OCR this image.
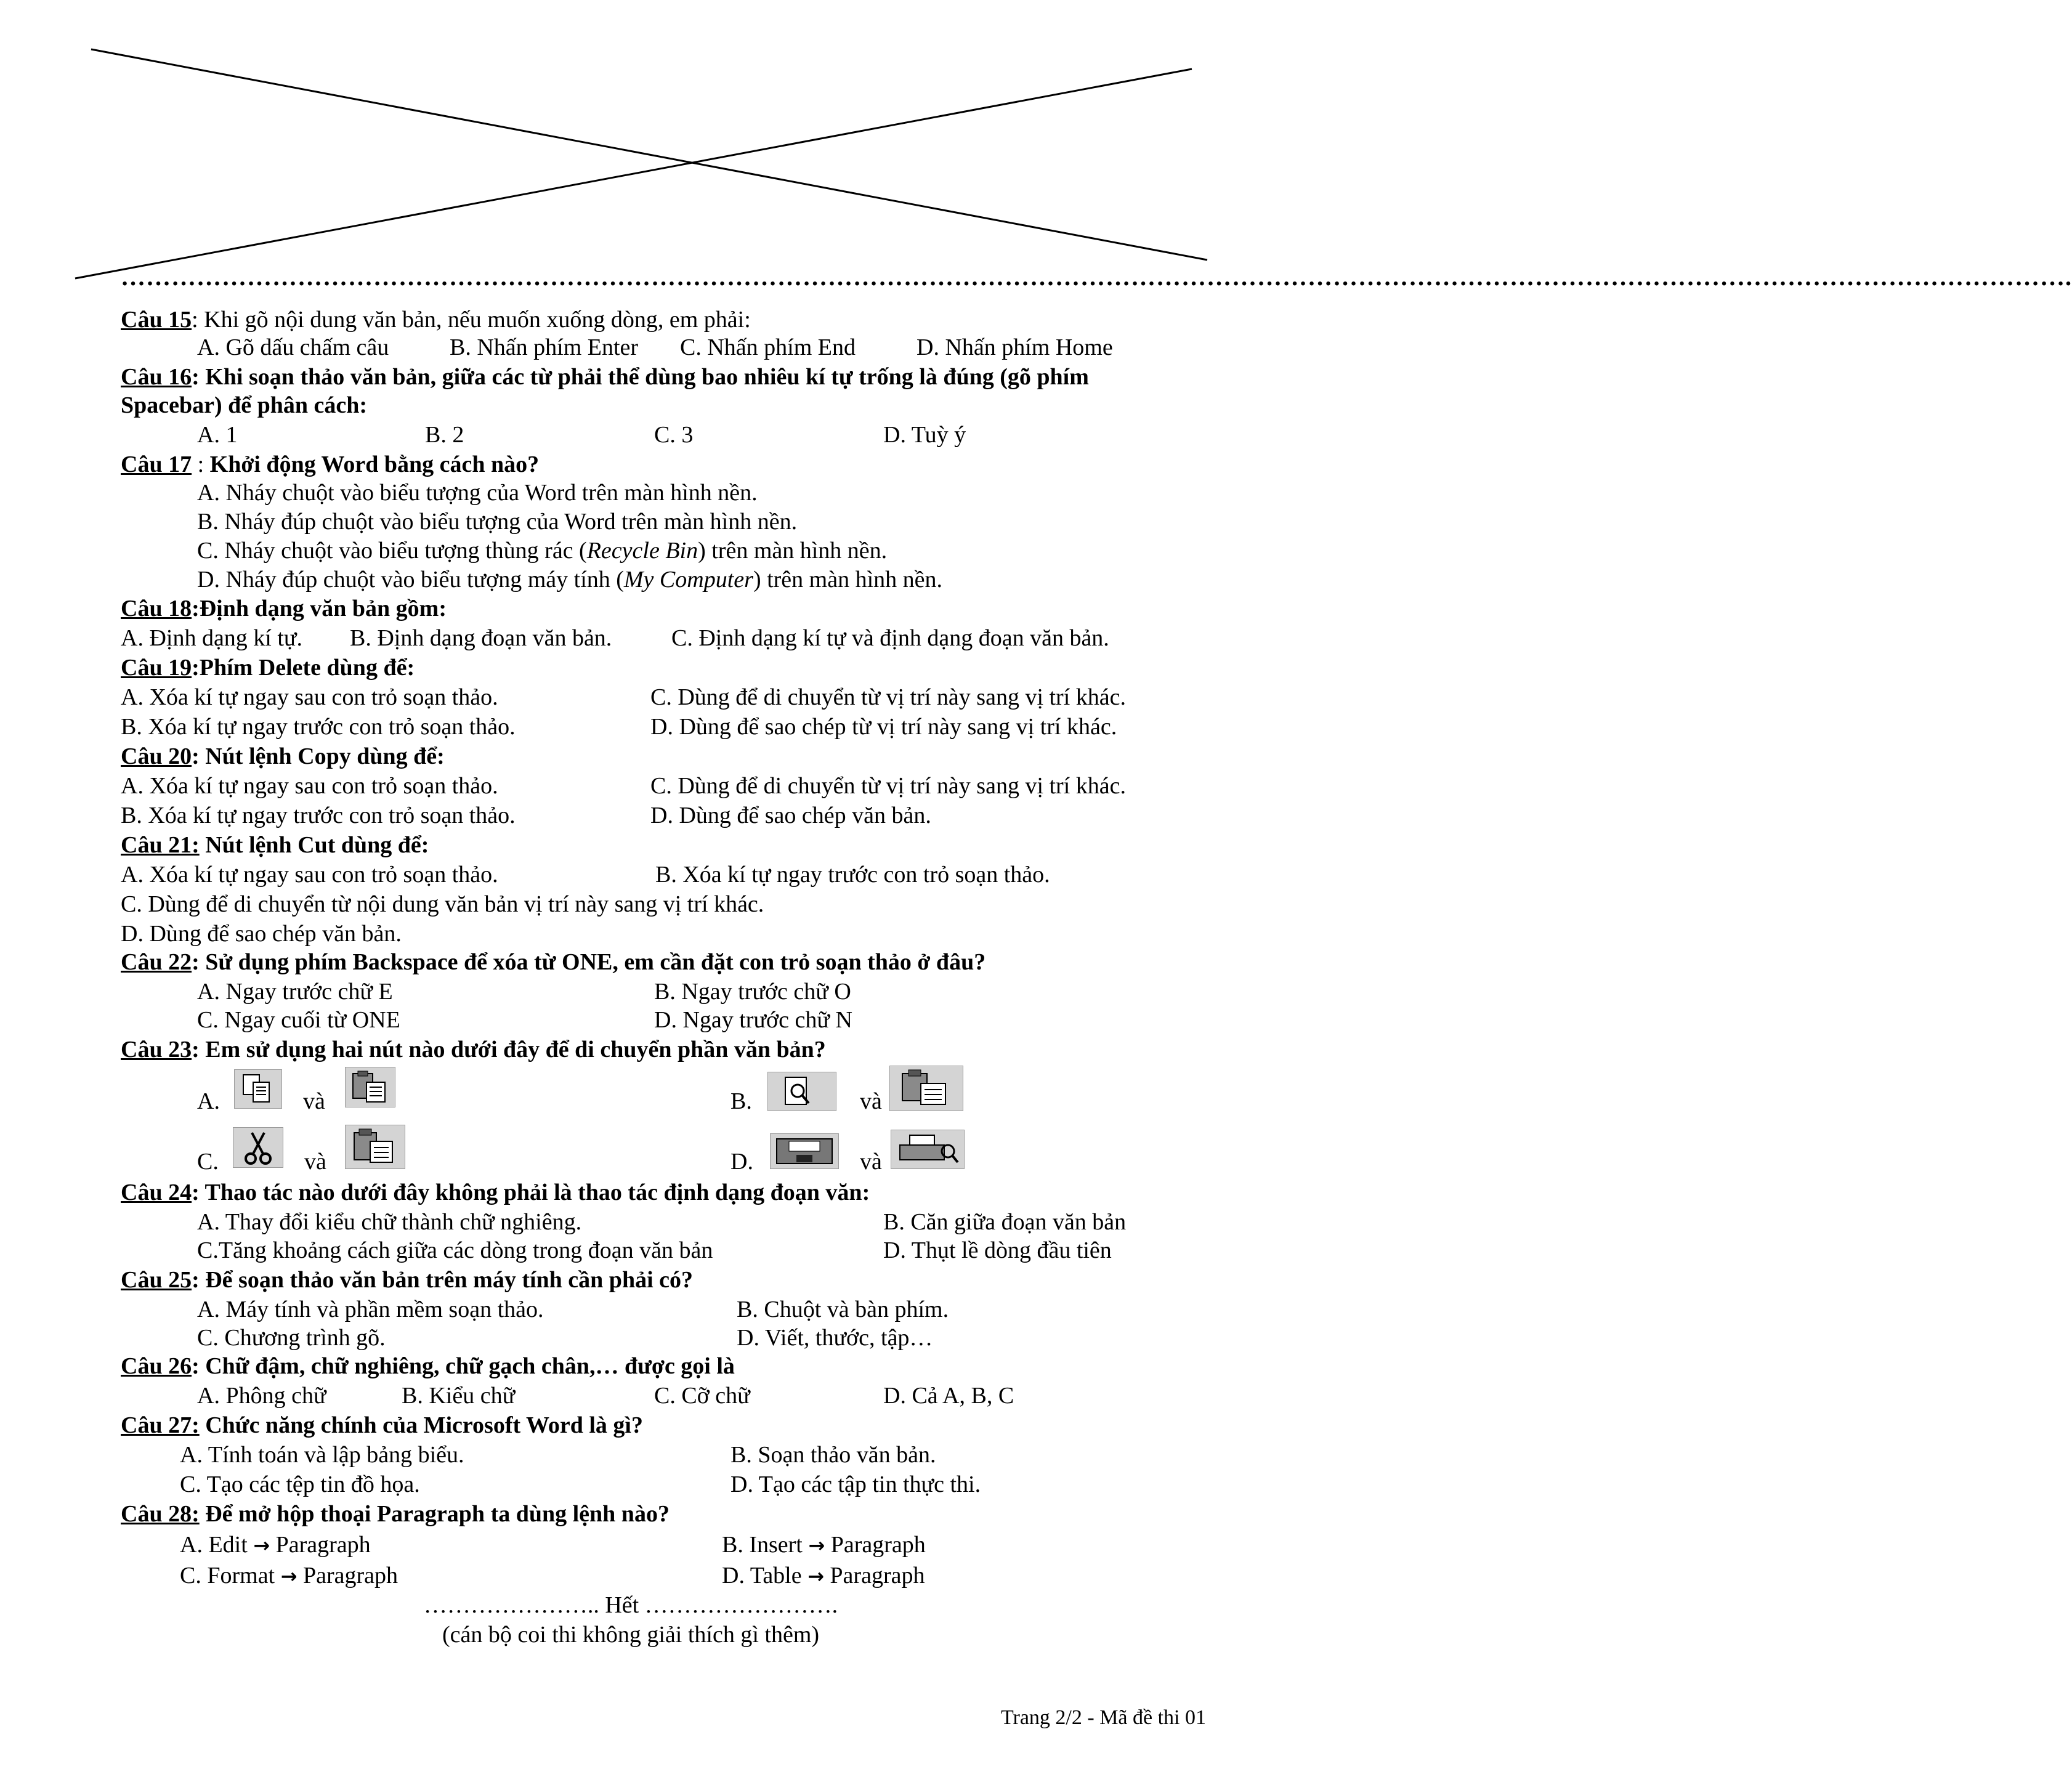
…………………………………………………………………………………………………………………………………………………………………………………………………………….
Câu 15: Khi gõ nội dung văn bản, nếu muốn xuống dòng, em phải:
A. Gõ dấu chấm câu	B. Nhấn phím Enter C. Nhấn phím End	D. Nhấn phím Home
Câu 16: Khi soạn thảo văn bản, giữa các từ phải thể dùng bao nhiêu kí tự trống là đúng (gõ phím
Spacebar) để phân cách:
A. 1	B. 2	C. 3	D. Tuỳ ý
Câu 17 : Khởi động Word bằng cách nào?
A. Nháy chuột vào biểu tượng của Word trên màn hình nền.
B. Nháy đúp chuột vào biểu tượng của Word trên màn hình nền.
C. Nháy chuột vào biểu tượng thùng rác (Recycle Bin) trên màn hình nền.
D. Nháy đúp chuột vào biểu tượng máy tính (My Computer) trên màn hình nền.
Câu 18:Định dạng văn bản gồm:
A. Định dạng kí tự. B. Định dạng đoạn văn bản.	C. Định dạng kí tự và định dạng đoạn văn bản.
Câu 19:Phím Delete dùng để:
A. Xóa kí tự ngay sau con trỏ soạn thảo.	C. Dùng để di chuyển từ vị trí này sang vị trí khác.
B. Xóa kí tự ngay trước con trỏ soạn thảo.	D. Dùng để sao chép từ vị trí này sang vị trí khác.
Câu 20: Nút lệnh Copy dùng để:
A. Xóa kí tự ngay sau con trỏ soạn thảo.	C. Dùng để di chuyển từ vị trí này sang vị trí khác.
B. Xóa kí tự ngay trước con trỏ soạn thảo.	D. Dùng để sao chép văn bản.
Câu 21: Nút lệnh Cut dùng để:
A. Xóa kí tự ngay sau con trỏ soạn thảo.	B. Xóa kí tự ngay trước con trỏ soạn thảo.
C. Dùng để di chuyển từ nội dung văn bản vị trí này sang vị trí khác.
D. Dùng để sao chép văn bản.
Câu 22: Sử dụng phím Backspace để xóa từ ONE, em cần đặt con trỏ soạn thảo ở đâu?
A. Ngay trước chữ E	B. Ngay trước chữ O
C. Ngay cuối từ ONE	D. Ngay trước chữ N
Câu 23: Em sử dụng hai nút nào dưới đây để di chuyển phần văn bản?
A.	và	B.	và
C.	và	D.	và
Câu 24: Thao tác nào dưới đây không phải là thao tác định dạng đoạn văn:
A. Thay đổi kiểu chữ thành chữ nghiêng.	B. Căn giữa đoạn văn bản
C.Tăng khoảng cách giữa các dòng trong đoạn văn bản	D. Thụt lề dòng đầu tiên
Câu 25: Để soạn thảo văn bản trên máy tính cần phải có?
A. Máy tính và phần mềm soạn thảo.	B. Chuột và bàn phím.
C. Chương trình gõ.	D. Viết, thước, tập…
Câu 26: Chữ đậm, chữ nghiêng, chữ gạch chân,… được gọi là
A. Phông chữ	B. Kiểu chữ	C. Cỡ chữ	D. Cả A, B, C
Câu 27: Chức năng chính của Microsoft Word là gì?
A. Tính toán và lập bảng biểu.	B. Soạn thảo văn bản.
C. Tạo các tệp tin đồ họa.	D. Tạo các tập tin thực thi.
Câu 28: Để mở hộp thoại Paragraph ta dùng lệnh nào?
A. Edit → Paragraph	B. Insert → Paragraph
C. Format → Paragraph	D. Table → Paragraph
………………….. Hết …………………….
(cán bộ coi thi không giải thích gì thêm)
Trang 2/2 - Mã đề thi 01
